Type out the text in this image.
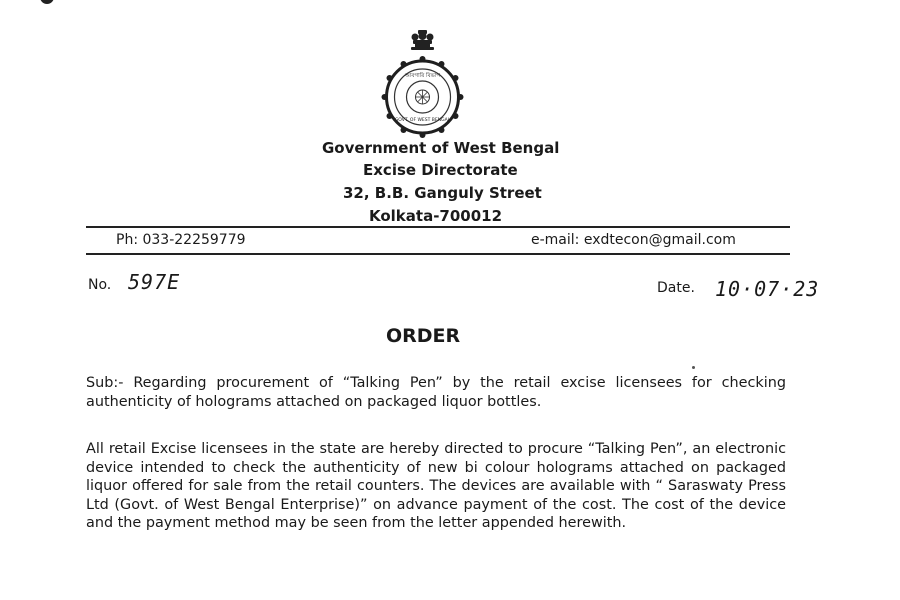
আবগারি বিভাগ
GOVT. OF WEST BENGAL
Government of West Bengal
Excise Directorate
32, B.B. Ganguly Street
Kolkata-700012
Ph: 033-22259779	e-mail: exdtecon@gmail.com
No. 597E	Date. 10·07·23
ORDER
Sub:- Regarding procurement of “Talking Pen” by the retail excise licensees for checking authenticity of holograms attached on packaged liquor bottles.
All retail Excise licensees in the state are hereby directed to procure “Talking Pen”, an electronic device intended to check the authenticity of new bi colour holograms attached on packaged liquor offered for sale from the retail counters. The devices are available with “ Saraswaty Press Ltd (Govt. of West Bengal Enterprise)” on advance payment of the cost. The cost of the device and the payment method may be seen from the letter appended herewith.
